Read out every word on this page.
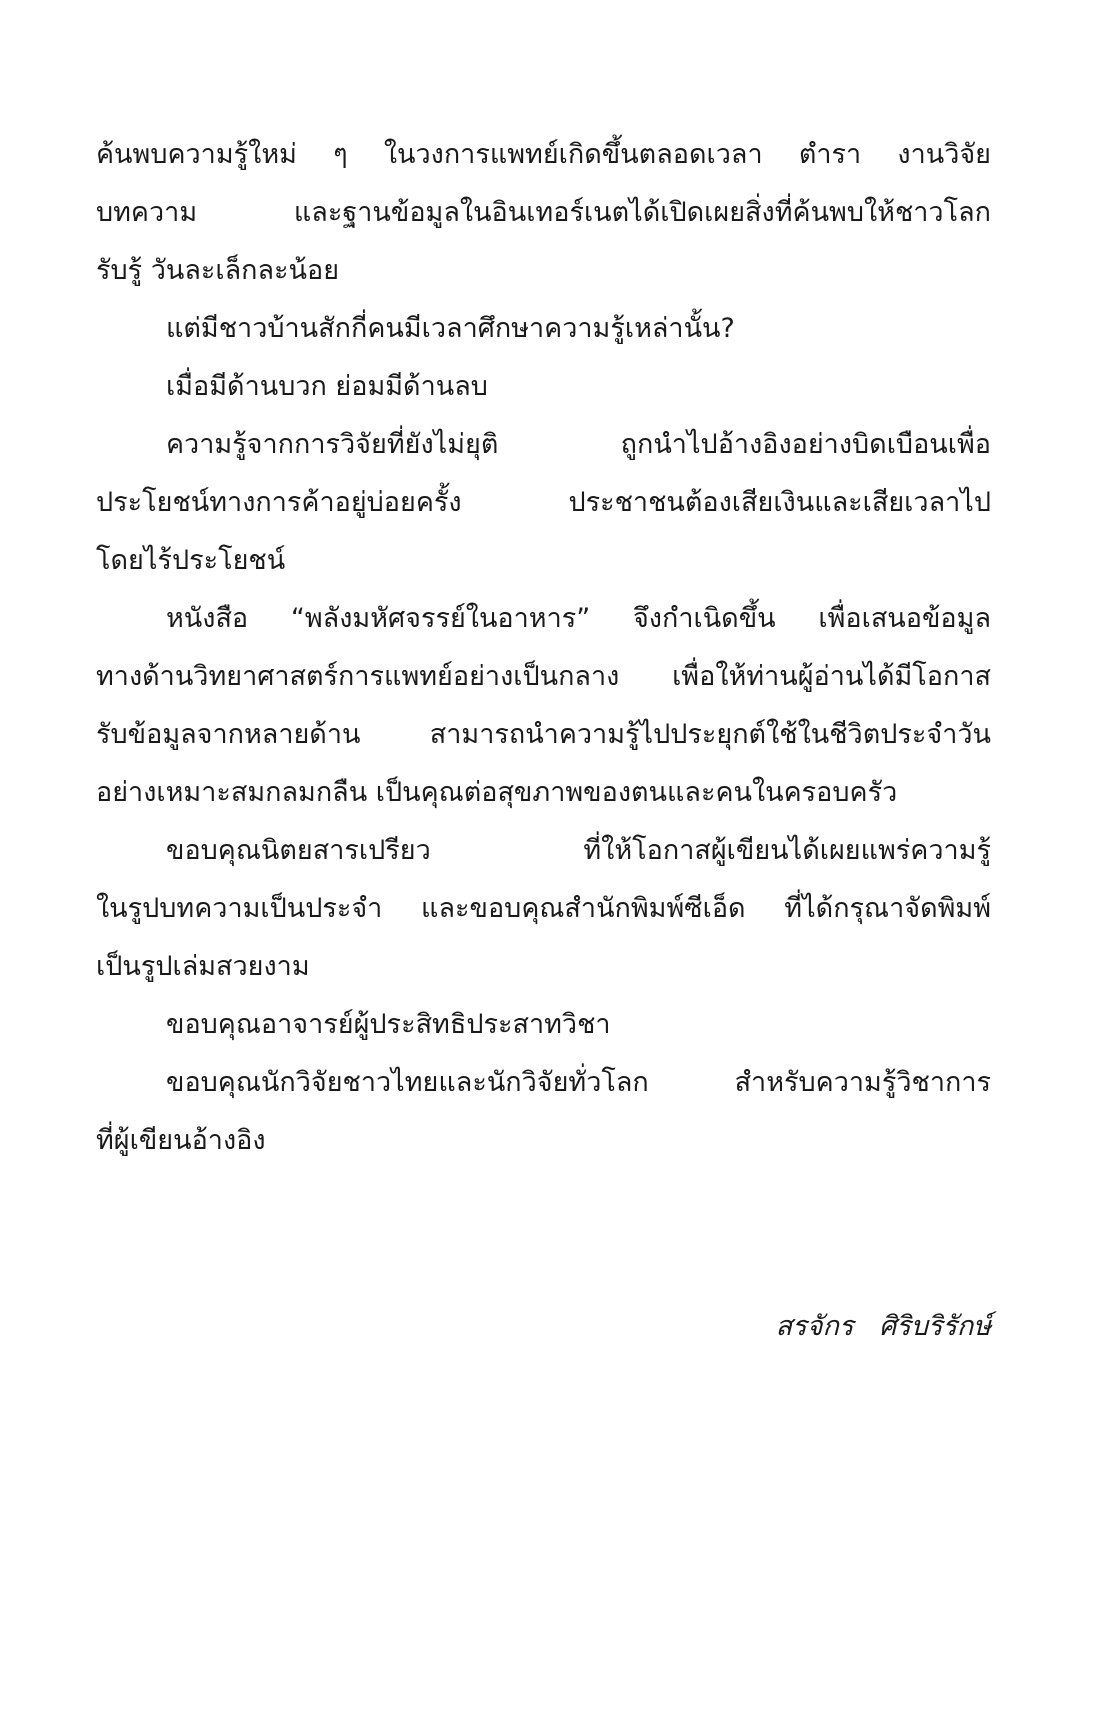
ค้นพบความรู้ใหม่ ๆ ในวงการแพทย์เกิดขึ้นตลอดเวลา ตำรา งานวิจัย
บทความ และฐานข้อมูลในอินเทอร์เนตได้เปิดเผยสิ่งที่ค้นพบให้ชาวโลก
รับรู้ วันละเล็กละน้อย

แต่มีชาวบ้านสักกี่คนมีเวลาศึกษาความรู้เหล่านั้น?

เมื่อมีด้านบวก ย่อมมีด้านลบ

ความรู้จากการวิจัยที่ยังไม่ยุติ ถูกนำไปอ้างอิงอย่างบิดเบือนเพื่อ
ประโยชน์ทางการค้าอยู่บ่อยครั้ง ประชาชนต้องเสียเงินและเสียเวลาไป
โดยไร้ประโยชน์

หนังสือ “พลังมหัศจรรย์ในอาหาร” จึงกำเนิดขึ้น เพื่อเสนอข้อมูล
ทางด้านวิทยาศาสตร์การแพทย์อย่างเป็นกลาง เพื่อให้ท่านผู้อ่านได้มีโอกาส
รับข้อมูลจากหลายด้าน สามารถนำความรู้ไปประยุกต์ใช้ในชีวิตประจำวัน
อย่างเหมาะสมกลมกลืน เป็นคุณต่อสุขภาพของตนและคนในครอบครัว

ขอบคุณนิตยสารเปรียว ที่ให้โอกาสผู้เขียนได้เผยแพร่ความรู้
ในรูปบทความเป็นประจำ และขอบคุณสำนักพิมพ์ซีเอ็ด ที่ได้กรุณาจัดพิมพ์
เป็นรูปเล่มสวยงาม

ขอบคุณอาจารย์ผู้ประสิทธิประสาทวิชา

ขอบคุณนักวิจัยชาวไทยและนักวิจัยทั่วโลก สำหรับความรู้วิชาการ
ที่ผู้เขียนอ้างอิง

สรจักร   ศิริบริรักษ์
